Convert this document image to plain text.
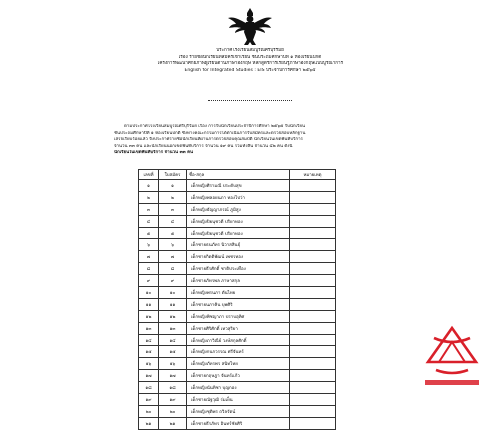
ประกาศโรงเรียนสมบูรณ์ศรีบุรีรัมย์
เรื่อง รายชื่อนักเรียนที่สมัครเข้าเรียน ชั้นประถมศึกษาปีที่ ๑ ห้องเรียนปกติ
โครงการพัฒนาศักยภาพผู้เรียนด้านภาษาอังกฤษ หลักสูตรการเรียนรู้ภาษาอังกฤษแบบบูรณาการ
English for Integrated Studies : EIS ประจำปีการศึกษา ๒๕๖๕
ตามประกาศโรงเรียนสมบูรณ์ศรีบุรีรัมย์ เรื่อง การรับนักเรียนประจำปีการศึกษา ๒๕๖๕ รับนักเรียน
ชั้นประถมศึกษาปีที่ ๑ ห้องเรียนปกติ ซึ่งทางคณะกรรมการได้ดำเนินการรับสมัครและตรวจสอบหลักฐาน
เสร็จเรียบร้อยแล้ว จึงประกาศรายชื่อนักเรียนที่ผ่านการตรวจสอบคุณสมบัติ นักเรียนในเขตพื้นที่บริการ
จำนวน ๓๓ คน และนักเรียนนอกเขตพื้นที่บริการ จำนวน ๑๙ คน รวมทั้งสิ้น จำนวน ๔๒ คน ดังนี้
นักเรียนในเขตพื้นที่บริการ จำนวน ๓๓ คน
เลขที่	ใบสมัคร	ชื่อ-สกุล	หมายเหตุ
๑	๑	เด็กหญิงศิรามณี ประดับสุข	
๒	๒	เด็กหญิงพลอยนภา ทองไปว่า	
๓	๓	เด็กหญิงธัญญาภรณ์ ภูมิสูง	
๔	๔	เด็กหญิงปิยนุชวดี ปริยาทอง	
๕	๕	เด็กหญิงปิยนุชวดี ปริยาทอง	
๖	๖	เด็กชายธนภัทร นิวาสสินธุ์	
๗	๗	เด็กชายกิตติพัฒน์ เพชรทอง	
๘	๘	เด็กชายธีรศักดิ์ ชาติประเทือง	
๙	๙	เด็กชายภัทรพล ภาษาสกุล	
๑๐	๑๐	เด็กหญิงพรนภา ตันไทย	
๑๑	๑๑	เด็กชายนภาคิน บุพศิริ	
๑๒	๑๒	เด็กหญิงพิชญาภา ปราบอุทิศ	
๑๓	๑๓	เด็กชายศิริศักดิ์ เทวสุริยา	
๑๔	๑๔	เด็กหญิงภาวิณีย์ วงษ์สกุลศักดิ์	
๑๕	๑๕	เด็กหญิงกนกวรรณ ศรีจันทร์	
๑๖	๑๖	เด็กหญิงภัทรพร สนิทไทย	
๑๗	๑๗	เด็กชายกฤษฎา จันทร์แก้ว	
๑๘	๑๘	เด็กหญิงนันทิชา บุญกอง	
๑๙	๑๙	เด็กชายณัฐวุฒิ ร่มเย็น	
๒๐	๒๐	เด็กหญิงชุติพร ถวิลรัตน์	
๒๑	๒๑	เด็กชายธีรภัทร อินทร์ชัยศิริ	
